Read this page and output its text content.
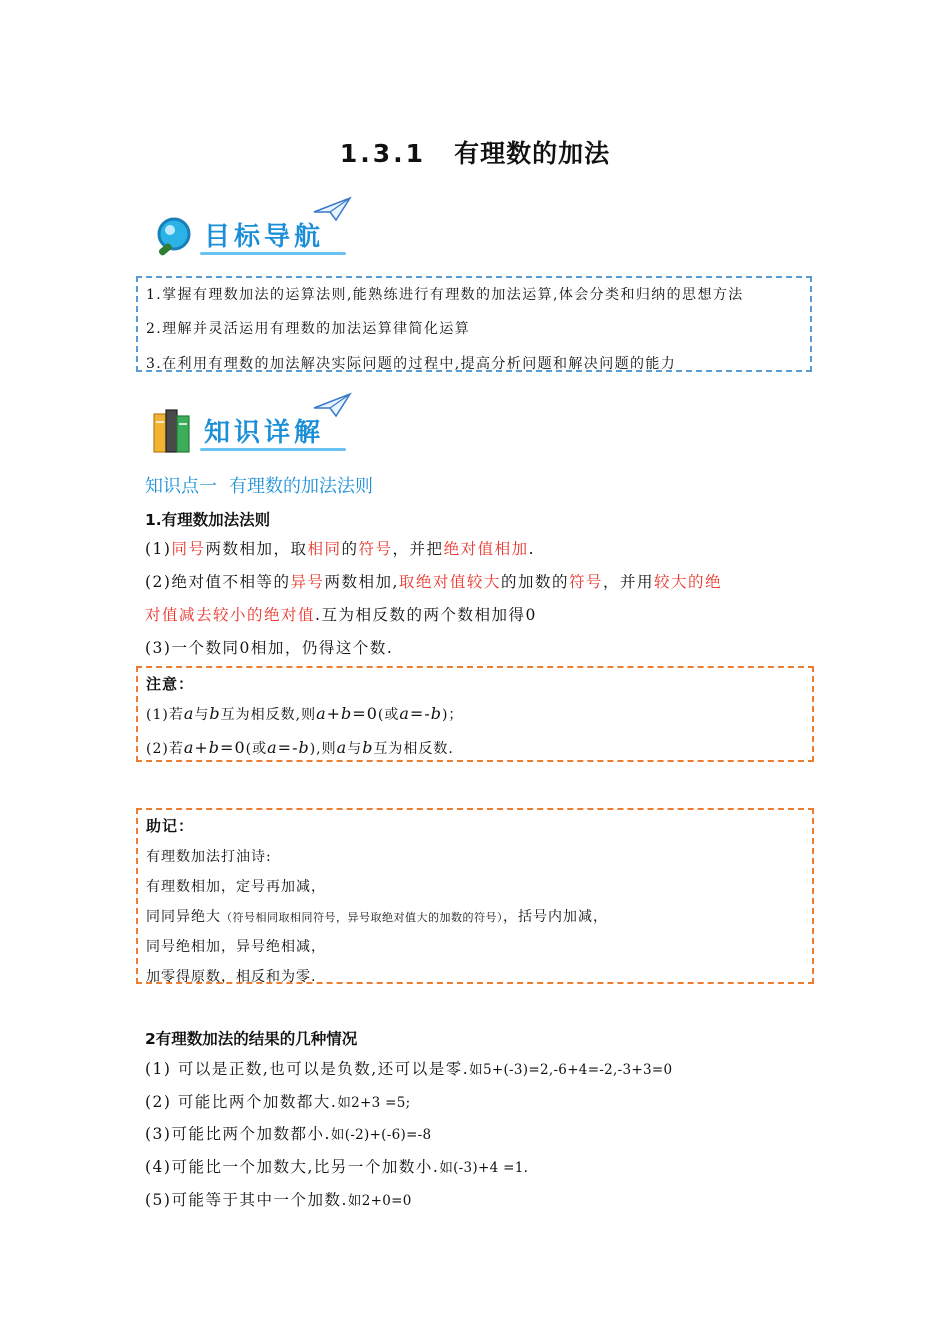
1.3.1 有理数的加法
目标导航
1.掌握有理数加法的运算法则,能熟练进行有理数的加法运算,体会分类和归纳的思想方法
2.理解并灵活运用有理数的加法运算律简化运算
3.在利用有理数的加法解决实际问题的过程中,提高分析问题和解决问题的能力
知识详解
知识点一 有理数的加法法则
1.有理数加法法则
(1)同号两数相加，取相同的符号，并把绝对值相加.
(2)绝对值不相等的异号两数相加,取绝对值较大的加数的符号，并用较大的绝
对值减去较小的绝对值.互为相反数的两个数相加得0
(3)一个数同0相加，仍得这个数.
注意：
(1)若a与b互为相反数,则a+b=0(或a=-b)；
(2)若a+b=0(或a=-b),则a与b互为相反数.
助记：
有理数加法打油诗:
有理数相加，定号再加减，
同同异绝大（符号相同取相同符号，异号取绝对值大的加数的符号），括号内加减，
同号绝相加，异号绝相减，
加零得原数，相反和为零.
2有理数加法的结果的几种情况
(1) 可以是正数,也可以是负数,还可以是零.如5+(-3)=2,-6+4=-2,-3+3=0
(2) 可能比两个加数都大.如2+3 =5;
(3)可能比两个加数都小.如(-2)+(-6)=-8
(4)可能比一个加数大,比另一个加数小.如(-3)+4 =1.
(5)可能等于其中一个加数.如2+0=0
